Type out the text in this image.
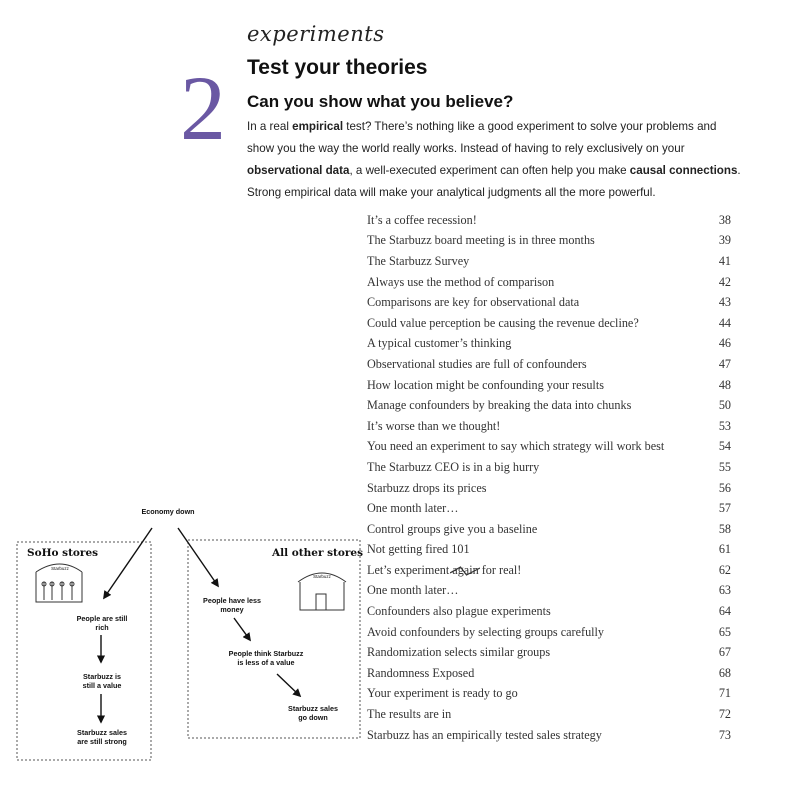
experiments
2 Test your theories
Can you show what you believe?
In a real empirical test? There’s nothing like a good experiment to solve your problems and show you the way the world really works. Instead of having to rely exclusively on your observational data, a well-executed experiment can often help you make causal connections. Strong empirical data will make your analytical judgments all the more powerful.
It’s a coffee recession!	38
The Starbuzz board meeting is in three months	39
The Starbuzz Survey	41
Always use the method of comparison	42
Comparisons are key for observational data	43
Could value perception be causing the revenue decline?	44
A typical customer’s thinking	46
Observational studies are full of confounders	47
How location might be confounding your results	48
Manage confounders by breaking the data into chunks	50
It’s worse than we thought!	53
You need an experiment to say which strategy will work best	54
The Starbuzz CEO is in a big hurry	55
Starbuzz drops its prices	56
One month later…	57
Control groups give you a baseline	58
Not getting fired 101	61
Let’s experiment again
for real!	62
One month later…	63
Confounders also plague experiments	64
Avoid confounders by selecting groups carefully	65
Randomization selects similar groups	67
Randomness Exposed	68
Your experiment is ready to go	71
The results are in	72
Starbuzz has an empirically tested sales strategy	73
Economy down
SoHo stores
Starbuzz
People are still
rich
Starbuzz is
still a value
Starbuzz sales
are still strong
All other stores
Starbuzz
People have less
money
People think Starbuzz
is less of a value
Starbuzz sales
go down
